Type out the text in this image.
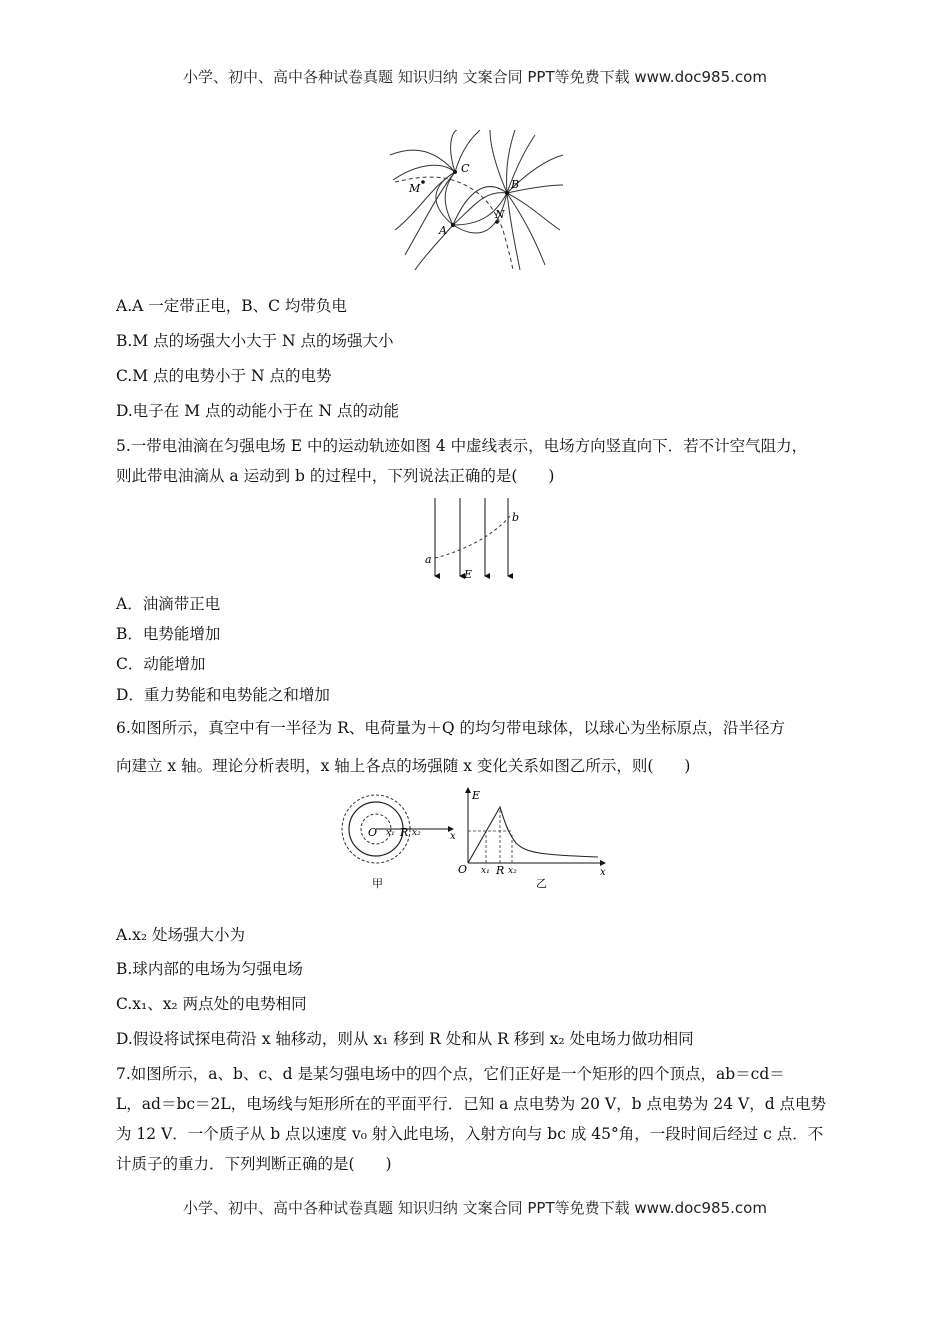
小学、初中、高中各种试卷真题 知识归纳 文案合同 PPT等免费下载 www.doc985.com
C
M	B
N
A
A.A 一定带正电，B、C 均带负电
B.M 点的场强大小大于 N 点的场强大小
C.M 点的电势小于 N 点的电势
D.电子在 M 点的动能小于在 N 点的动能
5.一带电油滴在匀强电场 E 中的运动轨迹如图 4 中虚线表示，电场方向竖直向下．若不计空气阻力，
则此带电油滴从 a 运动到 b 的过程中，下列说法正确的是(　　)
a
b
E
A．油滴带正电
B．电势能增加
C．动能增加
D．重力势能和电势能之和增加
6.如图所示，真空中有一半径为 R、电荷量为＋Q 的均匀带电球体，以球心为坐标原点，沿半径方
向建立 x 轴。理论分析表明，x 轴上各点的场强随 x 变化关系如图乙所示，则(　　)
O x₁ R x₂	x
甲
E
O x₁ R x₂	x
乙
A.x₂ 处场强大小为
B.球内部的电场为匀强电场
C.x₁、x₂ 两点处的电势相同
D.假设将试探电荷沿 x 轴移动，则从 x₁ 移到 R 处和从 R 移到 x₂ 处电场力做功相同
7.如图所示，a、b、c、d 是某匀强电场中的四个点，它们正好是一个矩形的四个顶点，ab＝cd＝
L，ad＝bc＝2L，电场线与矩形所在的平面平行．已知 a 点电势为 20 V，b 点电势为 24 V，d 点电势
为 12 V．一个质子从 b 点以速度 v₀ 射入此电场，入射方向与 bc 成 45°角，一段时间后经过 c 点．不
计质子的重力．下列判断正确的是(　　)
小学、初中、高中各种试卷真题 知识归纳 文案合同 PPT等免费下载 www.doc985.com
